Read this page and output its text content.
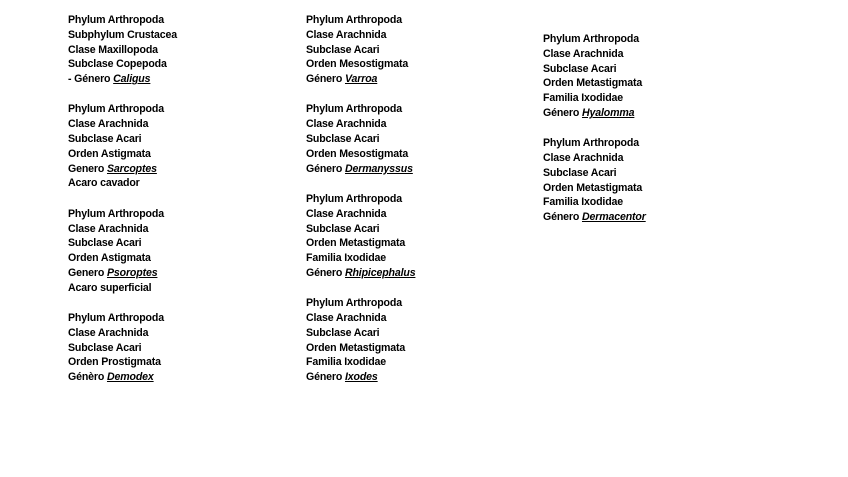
Phylum Arthropoda
Subphylum Crustacea
Clase Maxillopoda
Subclase Copepoda
- Género Caligus
Phylum Arthropoda
Clase Arachnida
Subclase Acari
Orden Astigmata
Genero Sarcoptes
Acaro cavador
Phylum Arthropoda
Clase Arachnida
Subclase Acari
Orden Astigmata
Genero Psoroptes
Acaro superficial
Phylum Arthropoda
Clase Arachnida
Subclase Acari
Orden Prostigmata
Génèro Demodex
Phylum Arthropoda
Clase Arachnida
Subclase Acari
Orden Mesostigmata
Género Varroa
Phylum Arthropoda
Clase Arachnida
Subclase Acari
Orden Mesostigmata
Género Dermanyssus
Phylum Arthropoda
Clase Arachnida
Subclase Acari
Orden Metastigmata
Familia Ixodidae
Género Rhipicephalus
Phylum Arthropoda
Clase Arachnida
Subclase Acari
Orden Metastigmata
Familia Ixodidae
Género Ixodes
Phylum Arthropoda
Clase Arachnida
Subclase Acari
Orden Metastigmata
Familia Ixodidae
Género Hyalomma
Phylum Arthropoda
Clase Arachnida
Subclase Acari
Orden Metastigmata
Familia Ixodidae
Género Dermacentor
